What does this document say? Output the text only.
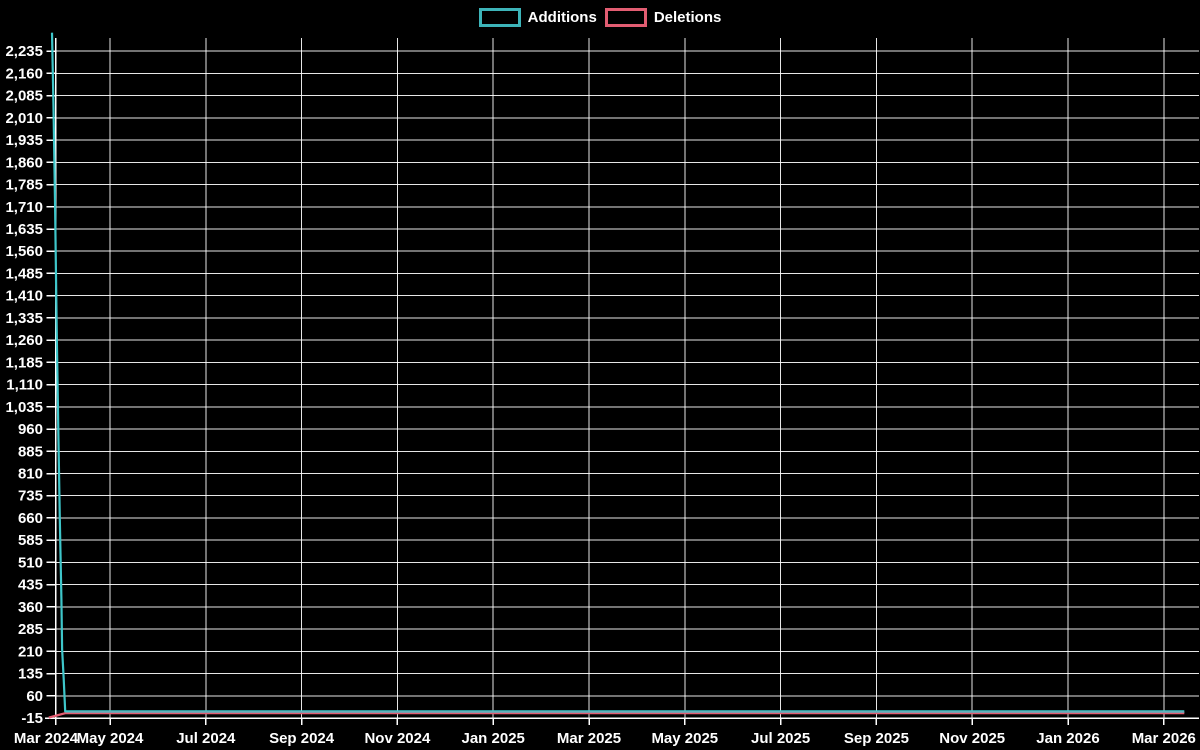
Additions	Deletions
2,235
2,160
2,085
2,010
1,935
1,860
1,785
1,710
1,635
1,560
1,485
1,410
1,335
1,260
1,185
1,110
1,035
960
885
810
735
660
585
510
435
360
285
210
135
60
-15
Mar 2024
May 2024 Jul 2024 Sep 2024 Nov 2024 Jan 2025 Mar 2025 May 2025 Jul 2025 Sep 2025 Nov 2025 Jan 2026 Mar 2026
